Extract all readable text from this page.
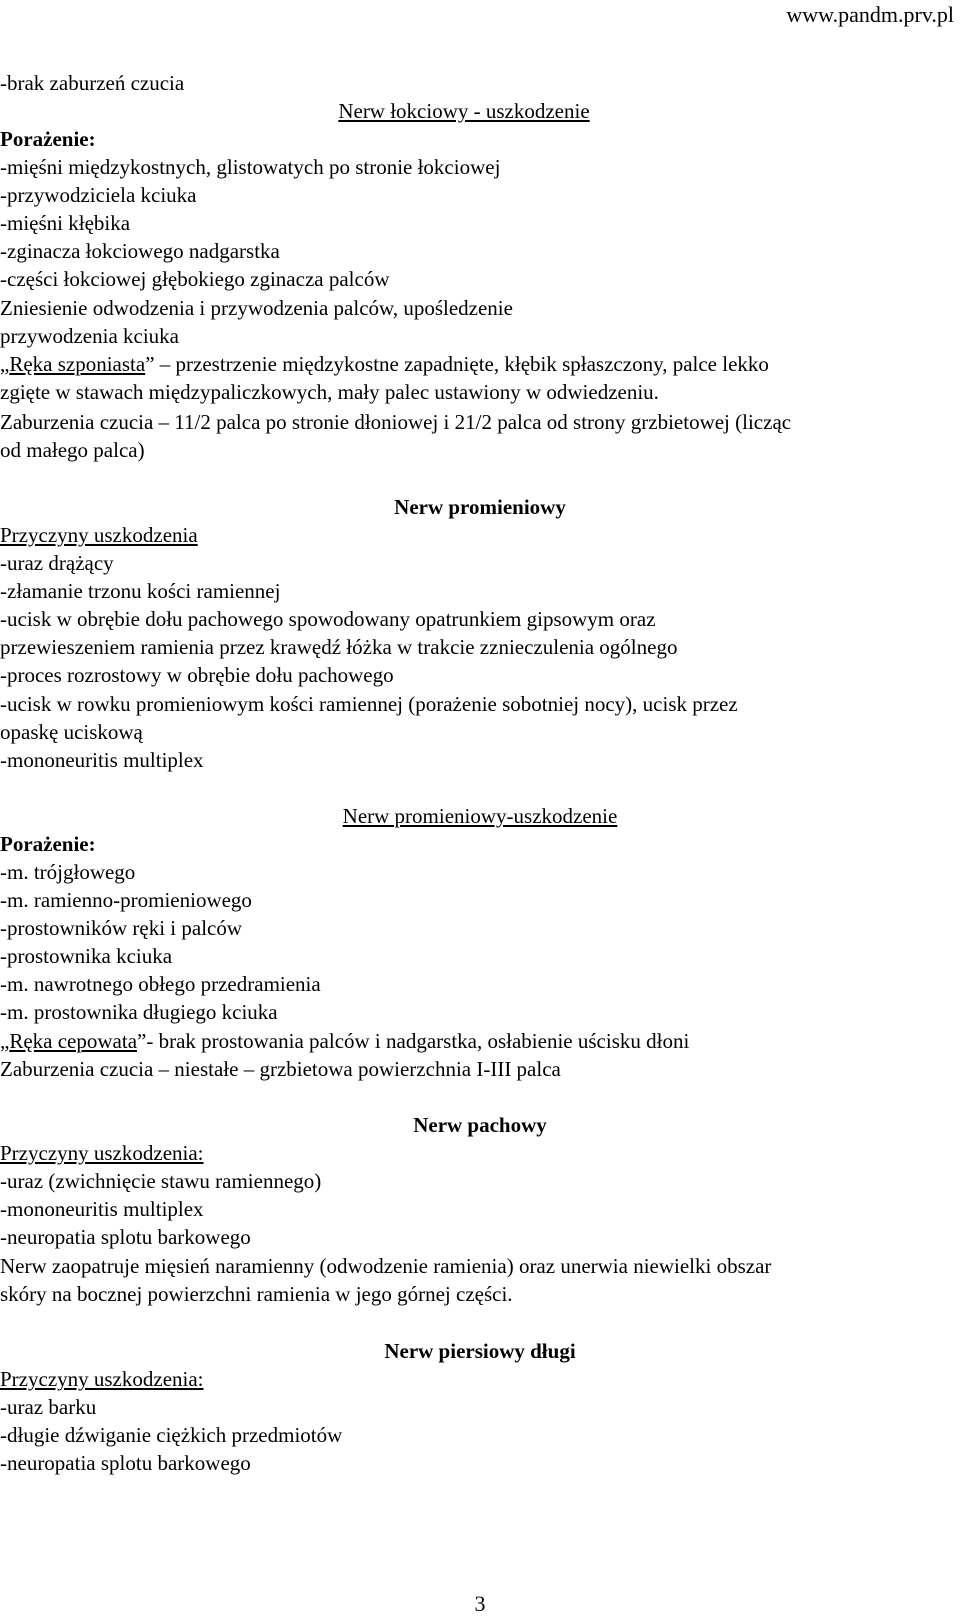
www.pandm.prv.pl
-brak zaburzeń czucia
Nerw łokciowy - uszkodzenie
Porażenie:
-mięśni międzykostnych, glistowatych po stronie łokciowej
-przywodziciela kciuka
-mięśni kłębika
-zginacza łokciowego nadgarstka
-części łokciowej głębokiego zginacza palców
Zniesienie odwodzenia i przywodzenia palców, upośledzenie
przywodzenia kciuka
„Ręka szponiasta” – przestrzenie międzykostne zapadnięte, kłębik spłaszczony, palce lekko
zgięte w stawach międzypaliczkowych, mały palec ustawiony w odwiedzeniu.
Zaburzenia czucia – 11/2 palca po stronie dłoniowej i 21/2 palca od strony grzbietowej (licząc
od małego palca)
Nerw promieniowy
Przyczyny uszkodzenia
-uraz drążący
-złamanie trzonu kości ramiennej
-ucisk w obrębie dołu pachowego spowodowany opatrunkiem gipsowym oraz
przewieszeniem ramienia przez krawędź łóżka w trakcie zznieczulenia ogólnego
-proces rozrostowy w obrębie dołu pachowego
-ucisk w rowku promieniowym kości ramiennej (porażenie sobotniej nocy), ucisk przez
opaskę uciskową
-mononeuritis multiplex
Nerw promieniowy-uszkodzenie
Porażenie:
-m. trójgłowego
-m. ramienno-promieniowego
-prostowników ręki i palców
-prostownika kciuka
-m. nawrotnego obłego przedramienia
-m. prostownika długiego kciuka
„Ręka cepowata”- brak prostowania palców i nadgarstka, osłabienie uścisku dłoni
Zaburzenia czucia – niestałe – grzbietowa powierzchnia I-III palca
Nerw pachowy
Przyczyny uszkodzenia:
-uraz (zwichnięcie stawu ramiennego)
-mononeuritis multiplex
-neuropatia splotu barkowego
Nerw zaopatruje mięsień naramienny (odwodzenie ramienia) oraz unerwia niewielki obszar
skóry na bocznej powierzchni ramienia w jego górnej części.
Nerw piersiowy długi
Przyczyny uszkodzenia:
-uraz barku
-długie dźwiganie ciężkich przedmiotów
-neuropatia splotu barkowego
3
